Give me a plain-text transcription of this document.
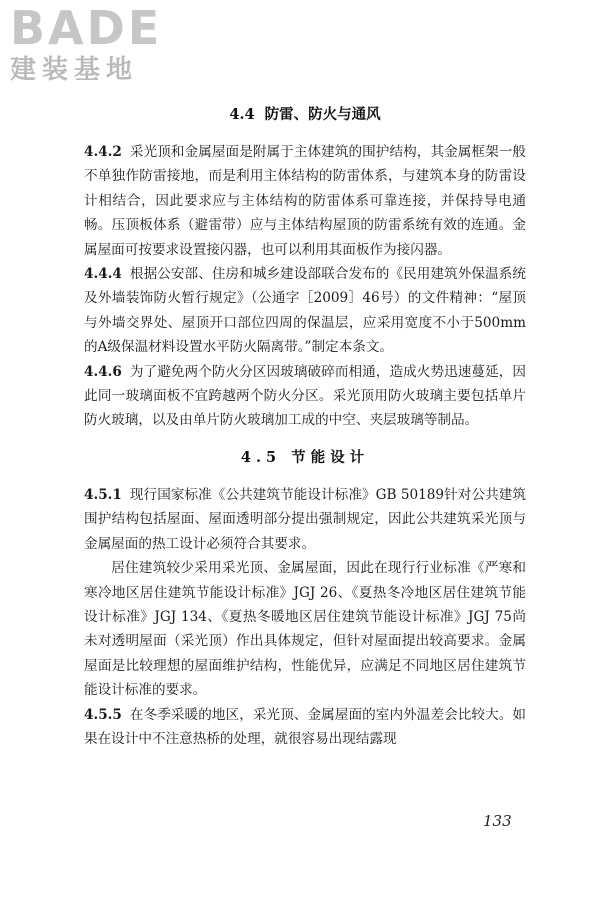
BADE
建装基地
4.4 防雷、防火与通风

4.4.2 采光顶和金属屋面是附属于主体建筑的围护结构，其金属框架一般不单独作防雷接地，而是利用主体结构的防雷体系，与建筑本身的防雷设计相结合，因此要求应与主体结构的防雷体系可靠连接，并保持导电通畅。压顶板体系（避雷带）应与主体结构屋顶的防雷系统有效的连通。金属屋面可按要求设置接闪器，也可以利用其面板作为接闪器。

4.4.4 根据公安部、住房和城乡建设部联合发布的《民用建筑外保温系统及外墙装饰防火暂行规定》（公通字［2009］46号）的文件精神：“屋顶与外墙交界处、屋顶开口部位四周的保温层，应采用宽度不小于500mm的A级保温材料设置水平防火隔离带。”制定本条文。

4.4.6 为了避免两个防火分区因玻璃破碎而相通，造成火势迅速蔓延，因此同一玻璃面板不宜跨越两个防火分区。采光顶用防火玻璃主要包括单片防火玻璃，以及由单片防火玻璃加工成的中空、夹层玻璃等制品。

4.5 节能设计

4.5.1 现行国家标准《公共建筑节能设计标准》GB 50189针对公共建筑围护结构包括屋面、屋面透明部分提出强制规定，因此公共建筑采光顶与金属屋面的热工设计必须符合其要求。

居住建筑较少采用采光顶、金属屋面，因此在现行行业标准《严寒和寒冷地区居住建筑节能设计标准》JGJ 26、《夏热冬冷地区居住建筑节能设计标准》JGJ 134、《夏热冬暖地区居住建筑节能设计标准》JGJ 75尚未对透明屋面（采光顶）作出具体规定，但针对屋面提出较高要求。金属屋面是比较理想的屋面维护结构，性能优异，应满足不同地区居住建筑节能设计标准的要求。

4.5.5 在冬季采暖的地区，采光顶、金属屋面的室内外温差会比较大。如果在设计中不注意热桥的处理，就很容易出现结露现

133
